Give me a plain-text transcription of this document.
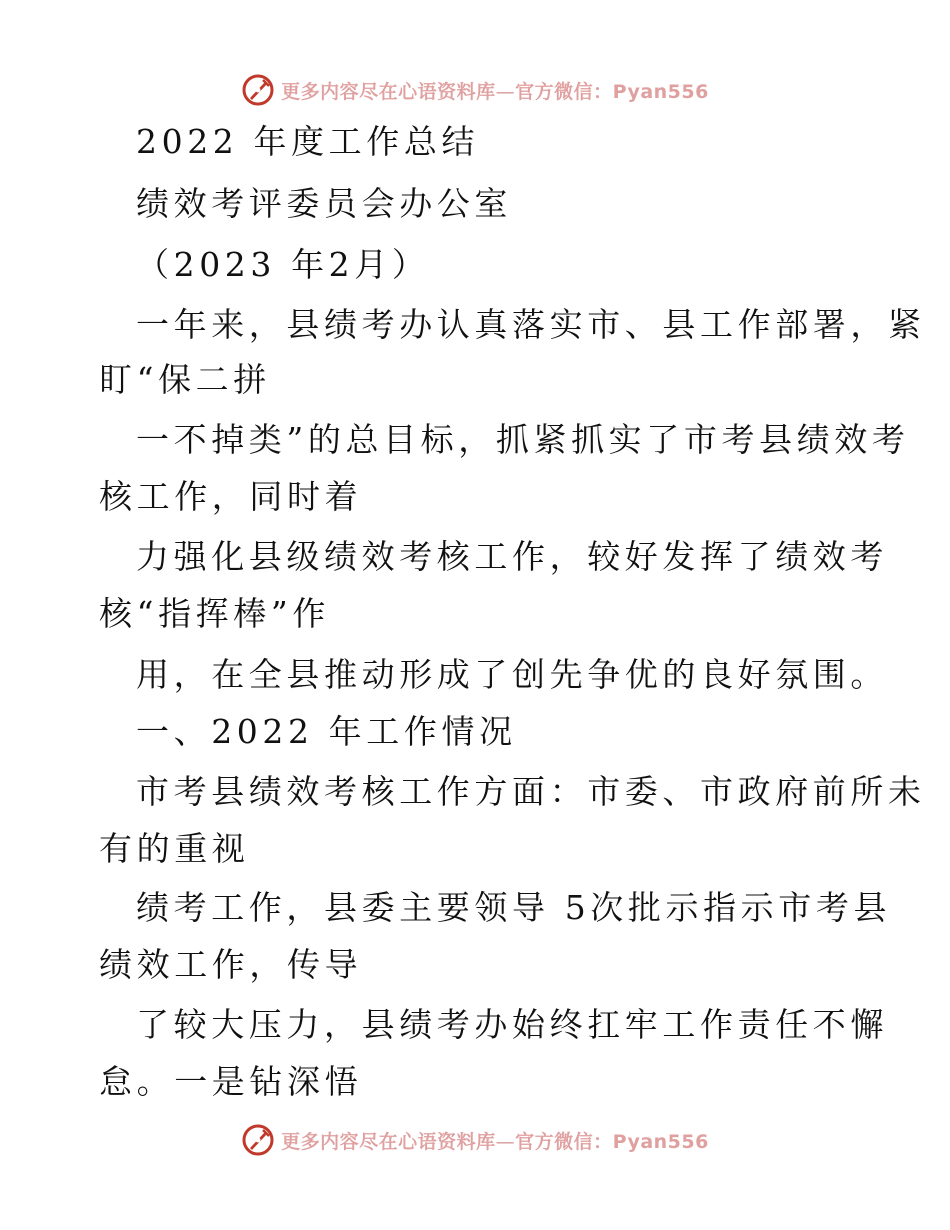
更多内容尽在心语资料库—官方微信：Pyan556
2022 年度工作总结
绩效考评委员会办公室
（2023 年2月）
一年来，县绩考办认真落实市、县工作部署，紧
盯“保二拼
一不掉类”的总目标，抓紧抓实了市考县绩效考
核工作，同时着
力强化县级绩效考核工作，较好发挥了绩效考
核“指挥棒”作
用，在全县推动形成了创先争优的良好氛围。
一、2022 年工作情况
市考县绩效考核工作方面：市委、市政府前所未
有的重视
绩考工作，县委主要领导 5次批示指示市考县
绩效工作，传导
了较大压力，县绩考办始终扛牢工作责任不懈
怠。一是钻深悟
更多内容尽在心语资料库—官方微信：Pyan556
